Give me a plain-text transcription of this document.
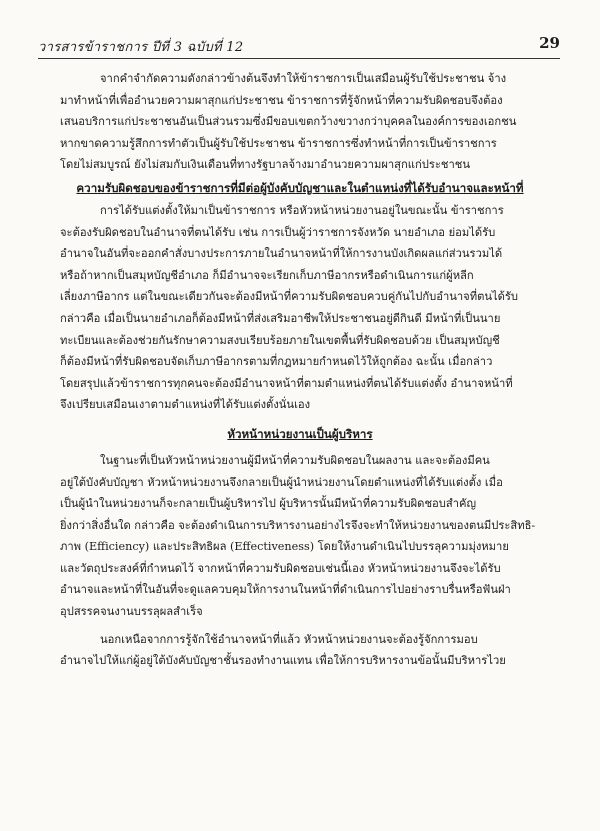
วารสารข้าราชการ ปีที่ 3 ฉบับที่ 12	29

จากคำจำกัดความดังกล่าวข้างต้นจึงทำให้ข้าราชการเป็นเสมือนผู้รับใช้ประชาชน จ้าง
มาทำหน้าที่เพื่ออำนวยความผาสุกแก่ประชาชน ข้าราชการที่รู้จักหน้าที่ความรับผิดชอบจึงต้อง
เสนอบริการแก่ประชาชนอันเป็นส่วนรวมซึ่งมีขอบเขตกว้างขวางกว่าบุคคลในองค์การของเอกชน
หากขาดความรู้สึกการทำตัวเป็นผู้รับใช้ประชาชน ข้าราชการซึ่งทำหน้าที่การเป็นข้าราชการ
โดยไม่สมบูรณ์ ยังไม่สมกับเงินเดือนที่ทางรัฐบาลจ้างมาอำนวยความผาสุกแก่ประชาชน

ความรับผิดชอบของข้าราชการที่มีต่อผู้บังคับบัญชาและในตำแหน่งที่ได้รับอำนาจและหน้าที่

การได้รับแต่งตั้งให้มาเป็นข้าราชการ หรือหัวหน้าหน่วยงานอยู่ในขณะนั้น ข้าราชการ
จะต้องรับผิดชอบในอำนาจที่ตนได้รับ เช่น การเป็นผู้ว่าราชการจังหวัด นายอำเภอ ย่อมได้รับ
อำนาจในอันที่จะออกคำสั่งบางประการภายในอำนาจหน้าที่ให้การงานบังเกิดผลแก่ส่วนรวมได้
หรือถ้าหากเป็นสมุหบัญชีอำเภอ ก็มีอำนาจจะเรียกเก็บภาษีอากรหรือดำเนินการแก่ผู้หลีก
เลี่ยงภาษีอากร แต่ในขณะเดียวกันจะต้องมีหน้าที่ความรับผิดชอบควบคู่กันไปกับอำนาจที่ตนได้รับ
กล่าวคือ เมื่อเป็นนายอำเภอก็ต้องมีหน้าที่ส่งเสริมอาชีพให้ประชาชนอยู่ดีกินดี มีหน้าที่เป็นนาย
ทะเบียนและต้องช่วยกันรักษาความสงบเรียบร้อยภายในเขตพื้นที่รับผิดชอบด้วย เป็นสมุหบัญชี
ก็ต้องมีหน้าที่รับผิดชอบจัดเก็บภาษีอากรตามที่กฎหมายกำหนดไว้ให้ถูกต้อง ฉะนั้น เมื่อกล่าว
โดยสรุปแล้วข้าราชการทุกคนจะต้องมีอำนาจหน้าที่ตามตำแหน่งที่ตนได้รับแต่งตั้ง อำนาจหน้าที่
จึงเปรียบเสมือนเงาตามตำแหน่งที่ได้รับแต่งตั้งนั่นเอง

หัวหน้าหน่วยงานเป็นผู้บริหาร

ในฐานะที่เป็นหัวหน้าหน่วยงานผู้มีหน้าที่ความรับผิดชอบในผลงาน และจะต้องมีคน
อยู่ใต้บังคับบัญชา หัวหน้าหน่วยงานจึงกลายเป็นผู้นำหน่วยงานโดยตำแหน่งที่ได้รับแต่งตั้ง เมื่อ
เป็นผู้นำในหน่วยงานก็จะกลายเป็นผู้บริหารไป ผู้บริหารนั้นมีหน้าที่ความรับผิดชอบสำคัญ
ยิ่งกว่าสิ่งอื่นใด กล่าวคือ จะต้องดำเนินการบริหารงานอย่างไรจึงจะทำให้หน่วยงานของตนมีประสิทธิ-
ภาพ (Efficiency) และประสิทธิผล (Effectiveness) โดยให้งานดำเนินไปบรรลุความมุ่งหมาย
และวัตถุประสงค์ที่กำหนดไว้ จากหน้าที่ความรับผิดชอบเช่นนี้เอง หัวหน้าหน่วยงานจึงจะได้รับ
อำนาจและหน้าที่ในอันที่จะดูแลควบคุมให้การงานในหน้าที่ดำเนินการไปอย่างราบรื่นหรือฟันฝ่า
อุปสรรคจนงานบรรลุผลสำเร็จ

นอกเหนือจากการรู้จักใช้อำนาจหน้าที่แล้ว หัวหน้าหน่วยงานจะต้องรู้จักการมอบ
อำนาจไปให้แก่ผู้อยู่ใต้บังคับบัญชาชั้นรองทำงานแทน เพื่อให้การบริหารงานข้อนั้นมีบริหารไวย
